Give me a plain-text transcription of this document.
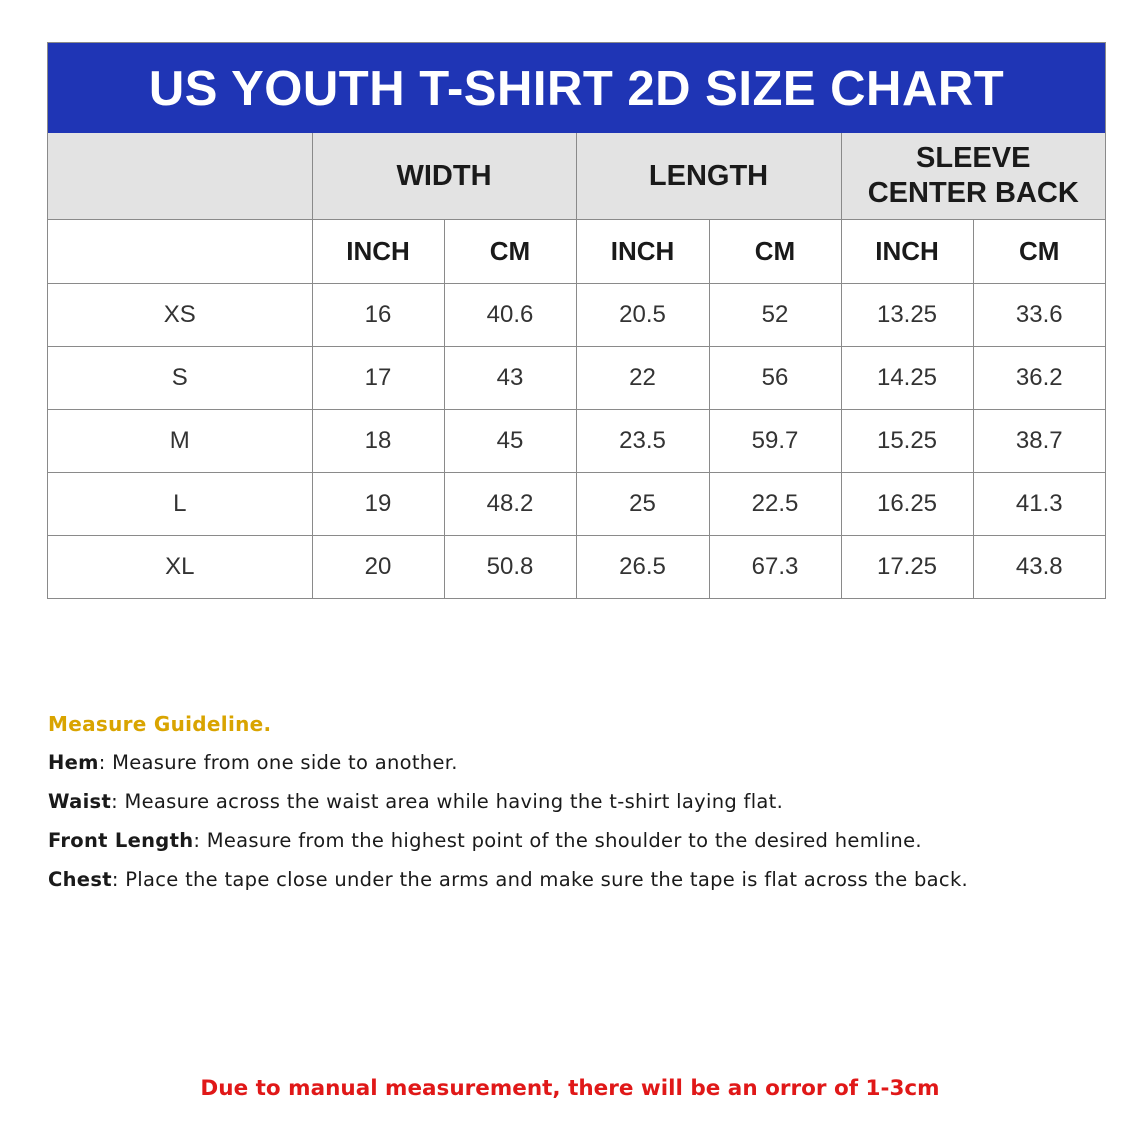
US YOUTH T-SHIRT 2D SIZE CHART
	WIDTH		LENGTH		SLEEVE
CENTER BACK	
	INCH	CM	INCH	CM	INCH	CM
XS	16	40.6	20.5	52	13.25	33.6
S	17	43	22	56	14.25	36.2
M	18	45	23.5	59.7	15.25	38.7
L	19	48.2	25	22.5	16.25	41.3
XL	20	50.8	26.5	67.3	17.25	43.8
Measure Guideline.
Hem: Measure from one side to another.
Waist: Measure across the waist area while having the t-shirt laying flat.
Front Length: Measure from the highest point of the shoulder to the desired hemline.
Chest: Place the tape close under the arms and make sure the tape is flat across the back.
Due to manual measurement, there will be an orror of 1-3cm
